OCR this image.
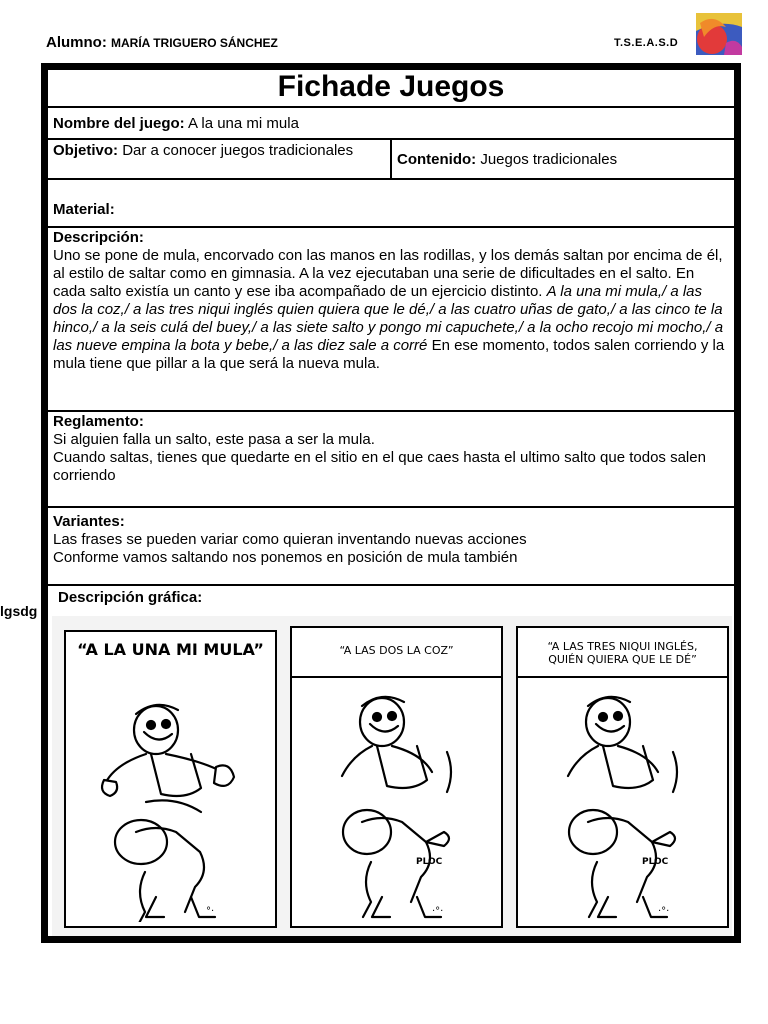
Alumno: MARÍA TRIGUERO SÁNCHEZ	T.S.E.A.S.D
lgsdg
Fichade Juegos
Nombre del juego: A la una mi mula
Objetivo: Dar a conocer juegos tradicionales
Contenido: Juegos tradicionales
Material:
Descripción:
Uno se pone de mula, encorvado con las manos en las rodillas, y los demás saltan por encima de él, al estilo de saltar como en gimnasia. A la vez ejecutaban una serie de dificultades en el salto. En cada salto existía un canto y ese iba acompañado de un ejercicio distinto. A la una mi mula,/ a las dos la coz,/ a las tres niqui inglés quien quiera que le dé,/ a las cuatro uñas de gato,/ a las cinco te la hinco,/ a la seis culá del buey,/ a las siete salto y pongo mi capuchete,/ a la ocho recojo mi mocho,/ a las nueve empina la bota y bebe,/ a las diez sale a corré En ese momento, todos salen corriendo y la mula tiene que pillar a la que será la nueva mula.
Reglamento:
Si alguien falla un salto, este pasa a ser la mula.
Cuando saltas, tienes que quedarte en el sitio en el que caes hasta el ultimo salto que todos salen corriendo
Variantes:
Las frases se pueden variar como quieran inventando nuevas acciones
Conforme vamos saltando nos ponemos en posición de mula también
Descripción gráfica:
“A LA UNA MI MULA”
°·
“A LAS DOS LA COZ”
PLOC
·°·
“A LAS TRES NIQUI INGLÉS,
QUIÉN QUIERA QUE LE DÉ”
PLOC
·°·
